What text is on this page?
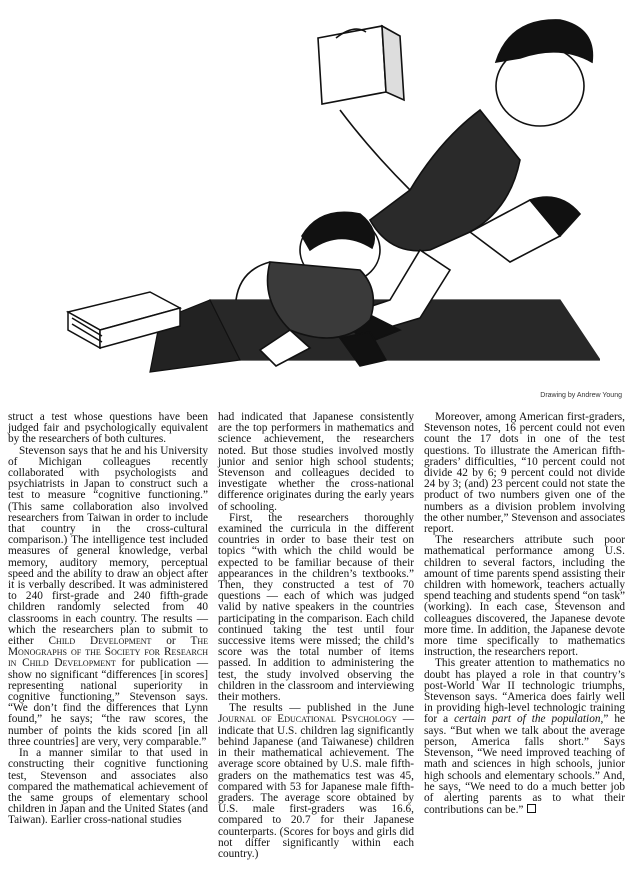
Drawing by Andrew Young

struct a test whose questions have been judged fair and psychologically equivalent by the researchers of both cultures.

Stevenson says that he and his University of Michigan colleagues recently collaborated with psychologists and psychiatrists in Japan to construct such a test to measure “cognitive functioning.” (This same collaboration also involved researchers from Taiwan in order to include that country in the cross-cultural comparison.) The intelligence test included measures of general knowledge, verbal memory, auditory memory, perceptual speed and the ability to draw an object after it is verbally described. It was administered to 240 first-grade and 240 fifth-grade children randomly selected from 40 classrooms in each country. The results — which the researchers plan to submit to either Child Development or The Monographs of the Society for Research in Child Development for publication — show no significant “differences [in scores] representing national superiority in cognitive functioning,” Stevenson says. “We don’t find the differences that Lynn found,” he says; “the raw scores, the number of points the kids scored [in all three countries] are very, very comparable.”

In a manner similar to that used in constructing their cognitive functioning test, Stevenson and associates also compared the mathematical achievement of the same groups of elementary school children in Japan and the United States (and Taiwan). Earlier cross-national studies

had indicated that Japanese consistently are the top performers in mathematics and science achievement, the researchers noted. But those studies involved mostly junior and senior high school students; Stevenson and colleagues decided to investigate whether the cross-national difference originates during the early years of schooling.

First, the researchers thoroughly examined the curricula in the different countries in order to base their test on topics “with which the child would be expected to be familiar because of their appearances in the children’s textbooks.” Then, they constructed a test of 70 questions — each of which was judged valid by native speakers in the countries participating in the comparison. Each child continued taking the test until four successive items were missed; the child’s score was the total number of items passed. In addition to administering the test, the study involved observing the children in the classroom and interviewing their mothers.

The results — published in the June Journal of Educational Psychology — indicate that U.S. children lag significantly behind Japanese (and Taiwanese) children in their mathematical achievement. The average score obtained by U.S. male fifth-graders on the mathematics test was 45, compared with 53 for Japanese male fifth-graders. The average score obtained by U.S. male first-graders was 16.6, compared to 20.7 for their Japanese counterparts. (Scores for boys and girls did not differ significantly within each country.)

Moreover, among American first-graders, Stevenson notes, 16 percent could not even count the 17 dots in one of the test questions. To illustrate the American fifth-graders’ difficulties, “10 percent could not divide 42 by 6; 9 percent could not divide 24 by 3; (and) 23 percent could not state the product of two numbers given one of the numbers as a division problem involving the other number,” Stevenson and associates report.

The researchers attribute such poor mathematical performance among U.S. children to several factors, including the amount of time parents spend assisting their children with homework, teachers actually spend teaching and students spend “on task” (working). In each case, Stevenson and colleagues discovered, the Japanese devote more time. In addition, the Japanese devote more time specifically to mathematics instruction, the researchers report.

This greater attention to mathematics no doubt has played a role in that country’s post-World War II technologic triumphs, Stevenson says. “America does fairly well in providing high-level technologic training for a certain part of the population,” he says. “But when we talk about the average person, America falls short.” Says Stevenson, “We need improved teaching of math and sciences in high schools, junior high schools and elementary schools.” And, he says, “We need to do a much better job of alerting parents as to what their contributions can be.”
